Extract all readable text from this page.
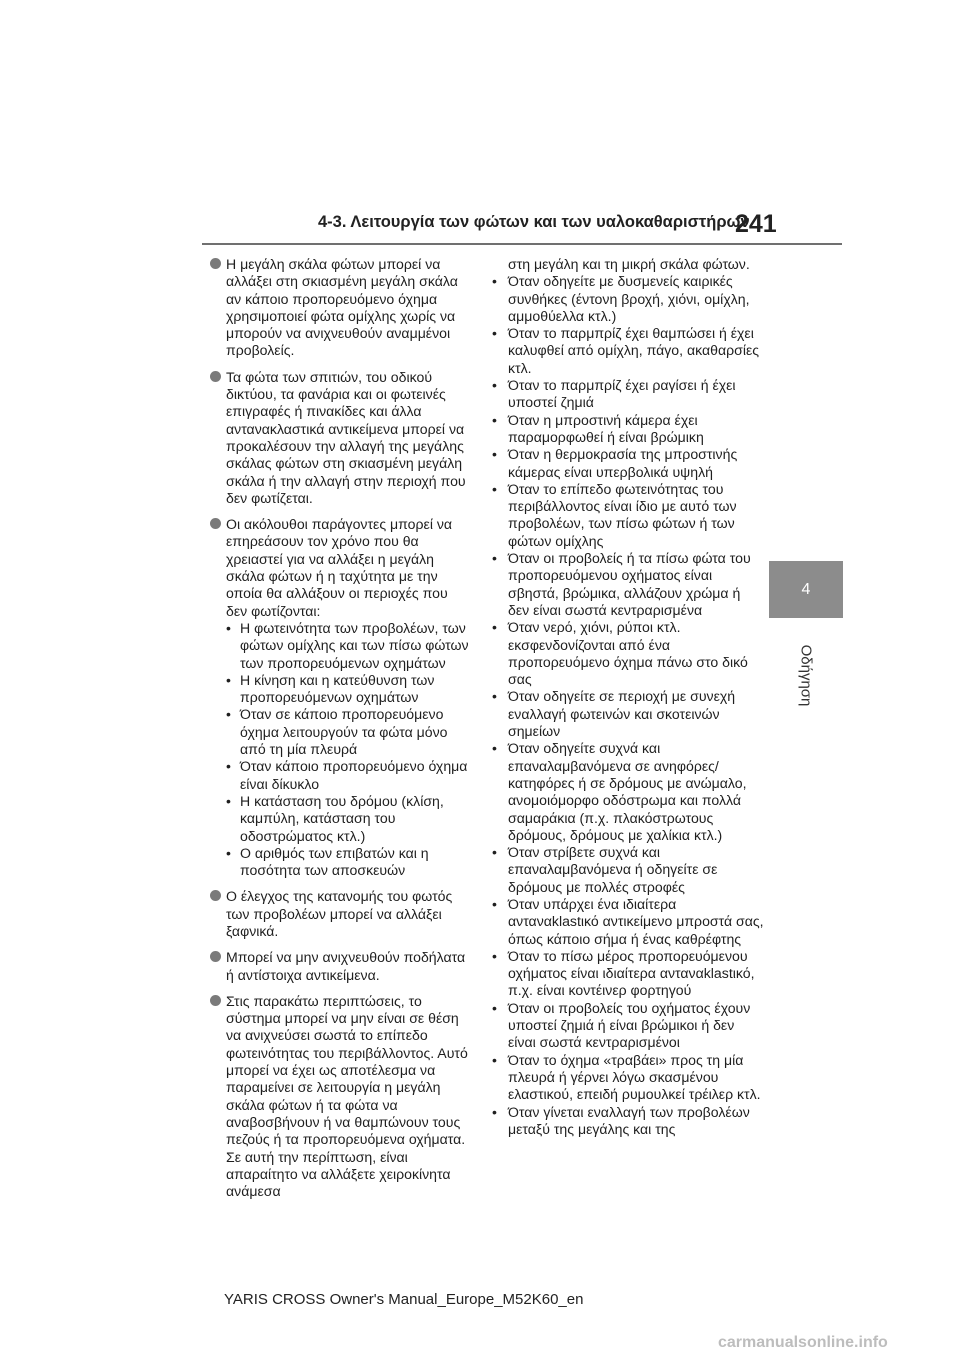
4-3. Λειτουργία των φώτων και των υαλοκαθαριστήρων
241
4
Οδήγηση
Η μεγάλη σκάλα φώτων μπορεί να αλλάξει στη σκιασμένη μεγάλη σκάλα αν κάποιο προπορευόμενο όχημα χρησιμοποιεί φώτα ομίχλης χωρίς να μπορούν να ανιχνευθούν αναμμένοι προβολείς.
Τα φώτα των σπιτιών, του οδικού δικτύου, τα φανάρια και οι φωτεινές επιγραφές ή πινακίδες και άλλα αντανακλαστικά αντικείμενα μπορεί να προκαλέσουν την αλλαγή της μεγάλης σκάλας φώτων στη σκιασμένη μεγάλη σκάλα ή την αλλαγή στην περιοχή που δεν φωτίζεται.
Οι ακόλουθοι παράγοντες μπορεί να επηρεάσουν τον χρόνο που θα χρειαστεί για να αλλάξει η μεγάλη σκάλα φώτων ή η ταχύτητα με την οποία θα αλλάξουν οι περιοχές που δεν φωτίζονται:
• Η φωτεινότητα των προβολέων, των φώτων ομίχλης και των πίσω φώτων των προπορευόμενων οχημάτων
• Η κίνηση και η κατεύθυνση των προπορευόμενων οχημάτων
• Όταν σε κάποιο προπορευόμενο όχημα λειτουργούν τα φώτα μόνο από τη μία πλευρά
• Όταν κάποιο προπορευόμενο όχημα είναι δίκυκλο
• Η κατάσταση του δρόμου (κλίση, καμπύλη, κατάσταση του οδοστρώματος κτλ.)
• Ο αριθμός των επιβατών και η ποσότητα των αποσκευών
Ο έλεγχος της κατανομής του φωτός των προβολέων μπορεί να αλλάξει ξαφνικά.
Μπορεί να μην ανιχνευθούν ποδήλατα ή αντίστοιχα αντικείμενα.
Στις παρακάτω περιπτώσεις, το σύστημα μπορεί να μην είναι σε θέση να ανιχνεύσει σωστά το επίπεδο φωτεινότητας του περιβάλλοντος. Αυτό μπορεί να έχει ως αποτέλεσμα να παραμείνει σε λειτουργία η μεγάλη σκάλα φώτων ή τα φώτα να αναβοσβήνουν ή να θαμπώνουν τους πεζούς ή τα προπορευόμενα οχήματα. Σε αυτή την περίπτωση, είναι απαραίτητο να αλλάξετε χειροκίνητα ανάμεσα
στη μεγάλη και τη μικρή σκάλα φώτων.
• Όταν οδηγείτε με δυσμενείς καιρικές συνθήκες (έντονη βροχή, χιόνι, ομίχλη, αμμοθύελλα κτλ.)
• Όταν το παρμπρίζ έχει θαμπώσει ή έχει καλυφθεί από ομίχλη, πάγο, ακαθαρσίες κτλ.
• Όταν το παρμπρίζ έχει ραγίσει ή έχει υποστεί ζημιά
• Όταν η μπροστινή κάμερα έχει παραμορφωθεί ή είναι βρώμικη
• Όταν η θερμοκρασία της μπροστινής κάμερας είναι υπερβολικά υψηλή
• Όταν το επίπεδο φωτεινότητας του περιβάλλοντος είναι ίδιο με αυτό των προβολέων, των πίσω φώτων ή των φώτων ομίχλης
• Όταν οι προβολείς ή τα πίσω φώτα του προπορευόμενου οχήματος είναι σβηστά, βρώμικα, αλλάζουν χρώμα ή δεν είναι σωστά κεντραρισμένα
• Όταν νερό, χιόνι, ρύποι κτλ. εκσφενδονίζονται από ένα προπορευόμενο όχημα πάνω στο δικό σας
• Όταν οδηγείτε σε περιοχή με συνεχή εναλλαγή φωτεινών και σκοτεινών σημείων
• Όταν οδηγείτε συχνά και επαναλαμβανόμενα σε ανηφόρες/κατηφόρες ή σε δρόμους με ανώμαλο, ανομοιόμορφο οδόστρωμα και πολλά σαμαράκια (π.χ. πλακόστρωτους δρόμους, δρόμους με χαλίκια κτλ.)
• Όταν στρίβετε συχνά και επαναλαμβανόμενα ή οδηγείτε σε δρόμους με πολλές στροφές
• Όταν υπάρχει ένα ιδιαίτερα ανταναklastικό αντικείμενο μπροστά σας, όπως κάποιο σήμα ή ένας καθρέφτης
• Όταν το πίσω μέρος προπορευόμενου οχήματος είναι ιδιαίτερα ανταναklastικό, π.χ. είναι κοντέινερ φορτηγού
• Όταν οι προβολείς του οχήματος έχουν υποστεί ζημιά ή είναι βρώμικοι ή δεν είναι σωστά κεντραρισμένοι
• Όταν το όχημα «τραβάει» προς τη μία πλευρά ή γέρνει λόγω σκασμένου ελαστικού, επειδή ρυμουλκεί τρέιλερ κτλ.
• Όταν γίνεται εναλλαγή των προβολέων μεταξύ της μεγάλης και της
YARIS CROSS Owner's Manual_Europe_M52K60_en
carmanualsonline.info
